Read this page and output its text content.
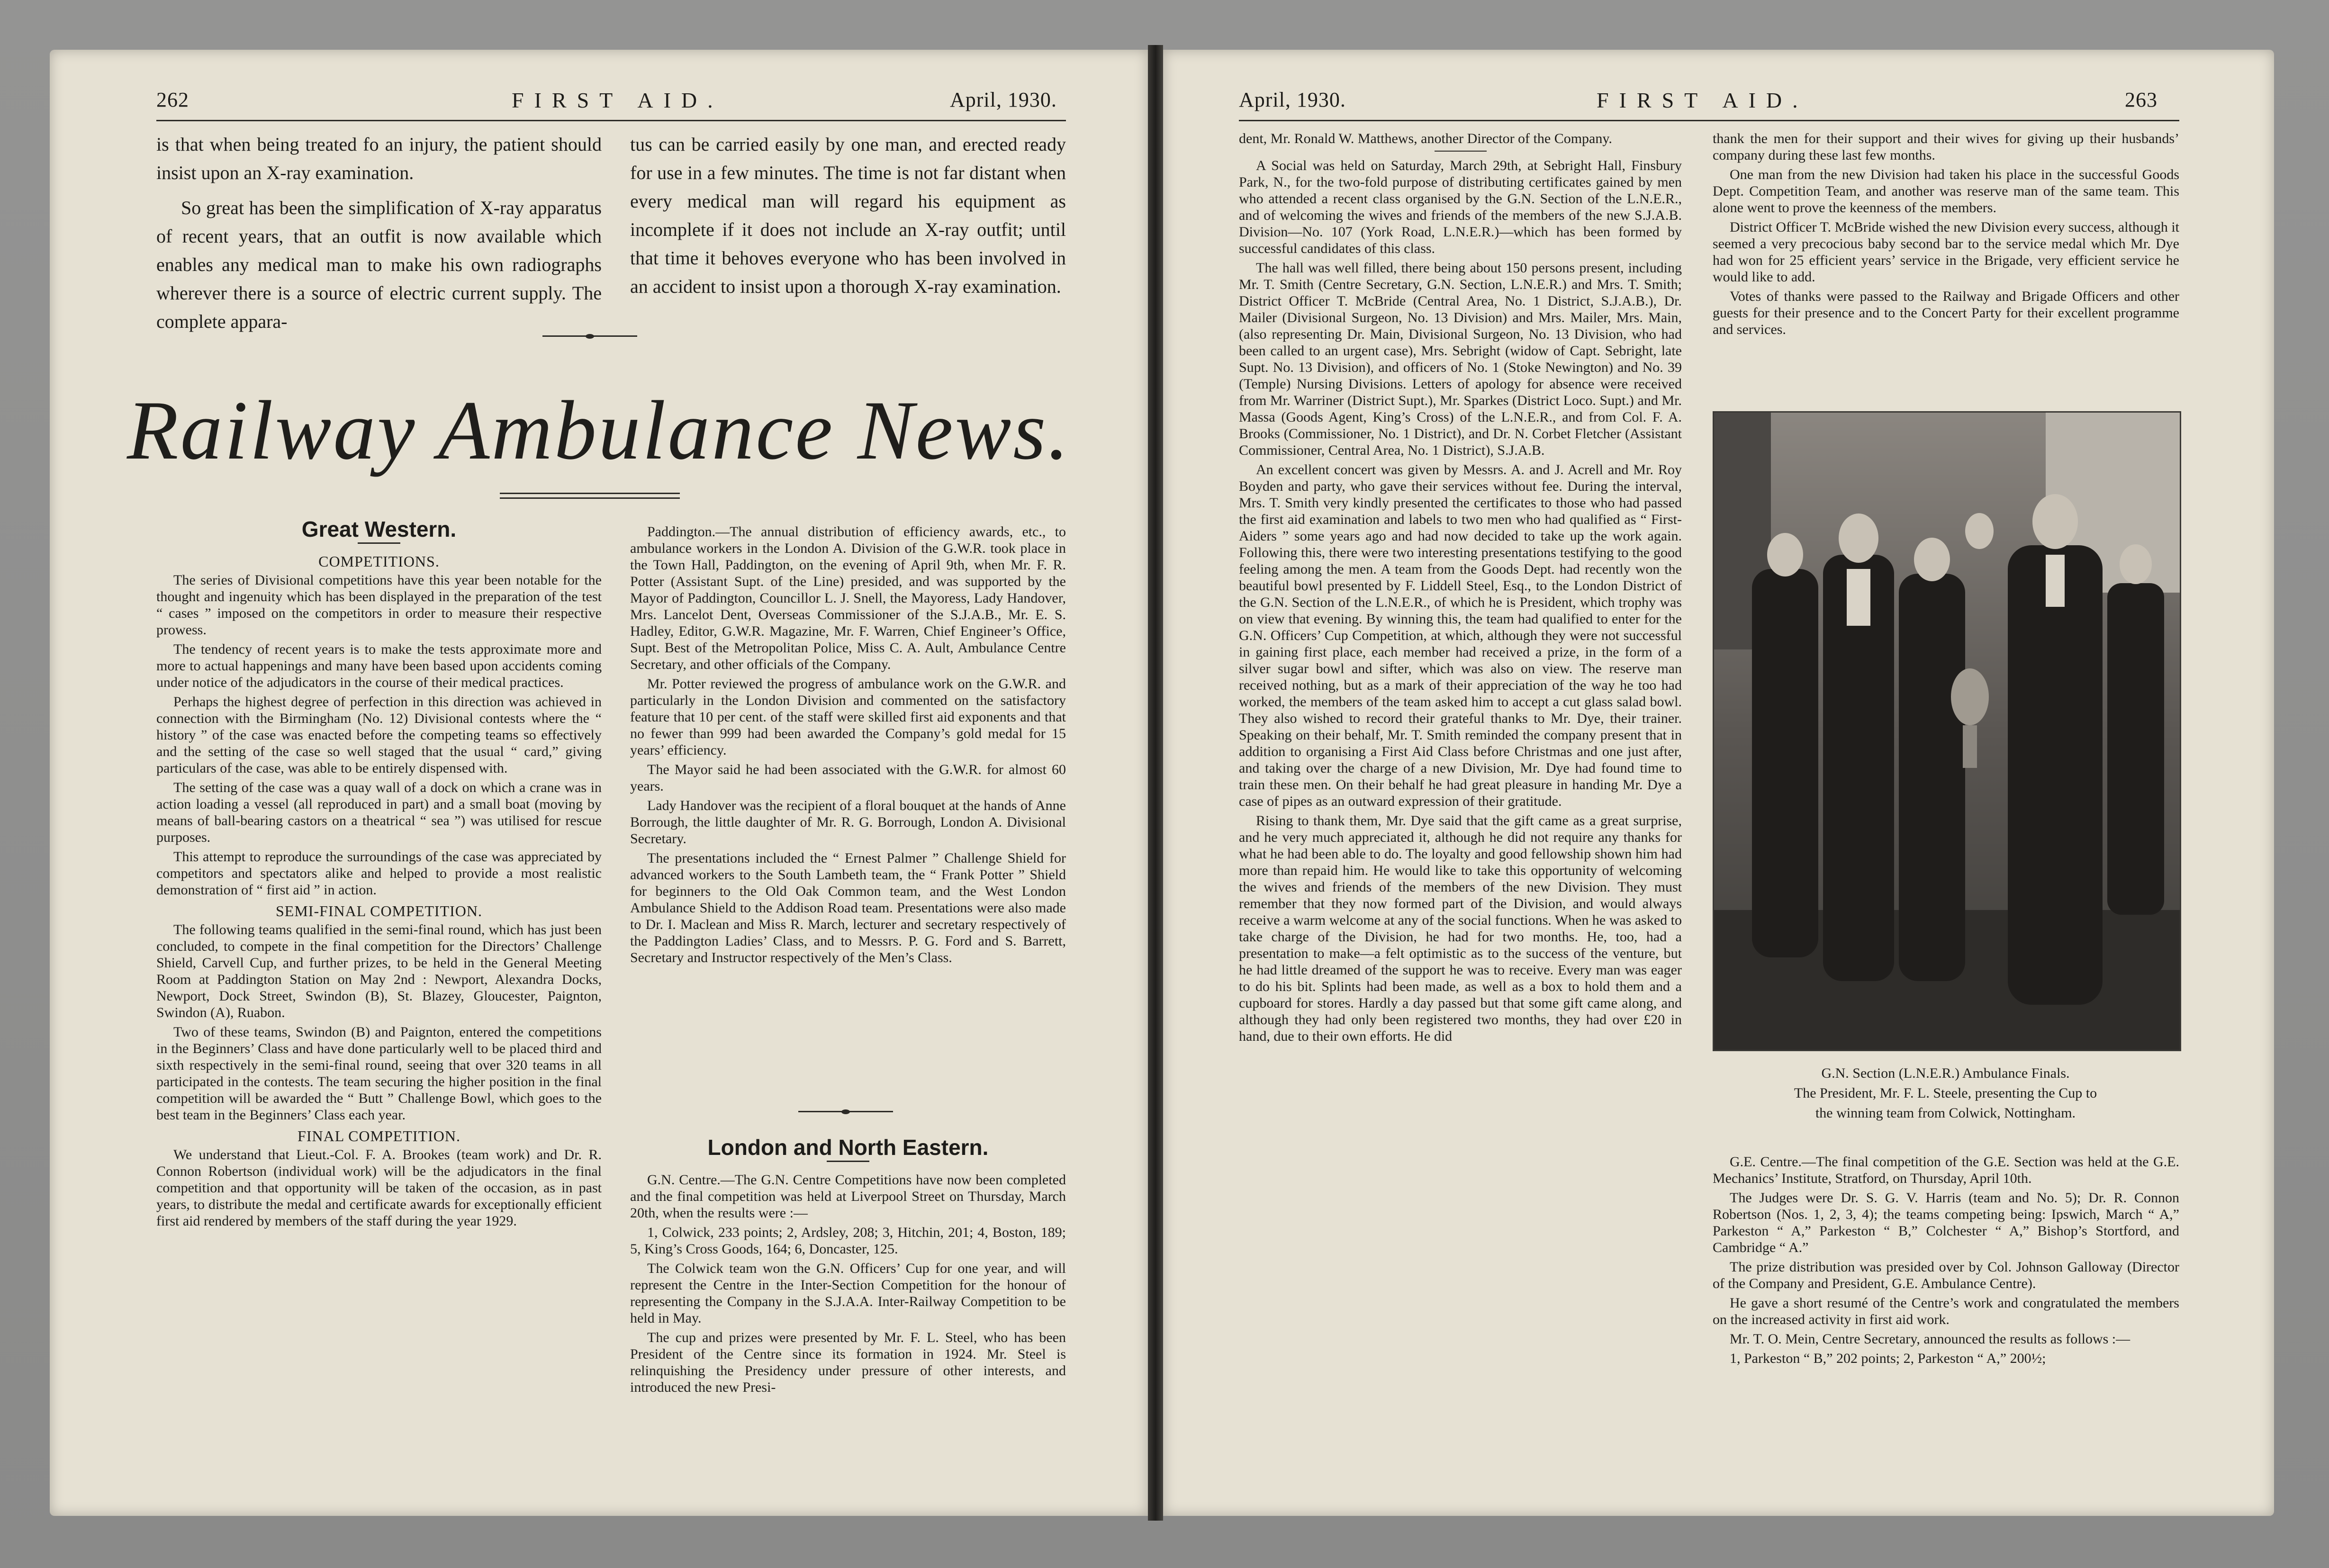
262	FIRST AID.	April, 1930.

is that when being treated fo an injury, the patient should insist upon an X-ray examination.

So great has been the simplification of X-ray apparatus of recent years, that an outfit is now available which enables any medical man to make his own radiographs wherever there is a source of electric current supply. The complete appara-

tus can be carried easily by one man, and erected ready for use in a few minutes. The time is not far distant when every medical man will regard his equipment as incomplete if it does not include an X-ray outfit; until that time it behoves everyone who has been involved in an accident to insist upon a thorough X-ray examination.

Railway Ambulance News.
Great Western.
COMPETITIONS.

The series of Divisional competitions have this year been notable for the thought and ingenuity which has been displayed in the preparation of the test “ cases ” imposed on the competitors in order to measure their respective prowess.

The tendency of recent years is to make the tests approximate more and more to actual happenings and many have been based upon accidents coming under notice of the adjudicators in the course of their medical practices.

Perhaps the highest degree of perfection in this direction was achieved in connection with the Birmingham (No. 12) Divisional contests where the “ history ” of the case was enacted before the competing teams so effectively and the setting of the case so well staged that the usual “ card,” giving particulars of the case, was able to be entirely dispensed with.

The setting of the case was a quay wall of a dock on which a crane was in action loading a vessel (all reproduced in part) and a small boat (moving by means of ball-bearing castors on a theatrical “ sea ”) was utilised for rescue purposes.

This attempt to reproduce the surroundings of the case was appreciated by competitors and spectators alike and helped to provide a most realistic demonstration of “ first aid ” in action.

SEMI-FINAL COMPETITION.

The following teams qualified in the semi-final round, which has just been concluded, to compete in the final competition for the Directors’ Challenge Shield, Carvell Cup, and further prizes, to be held in the General Meeting Room at Paddington Station on May 2nd : Newport, Alexandra Docks, Newport, Dock Street, Swindon (B), St. Blazey, Gloucester, Paignton, Swindon (A), Ruabon.

Two of these teams, Swindon (B) and Paignton, entered the competitions in the Beginners’ Class and have done particularly well to be placed third and sixth respectively in the semi-final round, seeing that over 320 teams in all participated in the contests. The team securing the higher position in the final competition will be awarded the “ Butt ” Challenge Bowl, which goes to the best team in the Beginners’ Class each year.

FINAL COMPETITION.

We understand that Lieut.-Col. F. A. Brookes (team work) and Dr. R. Connon Robertson (individual work) will be the adjudicators in the final competition and that opportunity will be taken of the occasion, as in past years, to distribute the medal and certificate awards for exceptionally efficient first aid rendered by members of the staff during the year 1929.

Paddington.—The annual distribution of efficiency awards, etc., to ambulance workers in the London A. Division of the G.W.R. took place in the Town Hall, Paddington, on the evening of April 9th, when Mr. F. R. Potter (Assistant Supt. of the Line) presided, and was supported by the Mayor of Paddington, Councillor L. J. Snell, the Mayoress, Lady Handover, Mrs. Lancelot Dent, Overseas Commissioner of the S.J.A.B., Mr. E. S. Hadley, Editor, G.W.R. Magazine, Mr. F. Warren, Chief Engineer’s Office, Supt. Best of the Metropolitan Police, Miss C. A. Ault, Ambulance Centre Secretary, and other officials of the Company.

Mr. Potter reviewed the progress of ambulance work on the G.W.R. and particularly in the London Division and commented on the satisfactory feature that 10 per cent. of the staff were skilled first aid exponents and that no fewer than 999 had been awarded the Company’s gold medal for 15 years’ efficiency.

The Mayor said he had been associated with the G.W.R. for almost 60 years.

Lady Handover was the recipient of a floral bouquet at the hands of Anne Borrough, the little daughter of Mr. R. G. Borrough, London A. Divisional Secretary.

The presentations included the “ Ernest Palmer ” Challenge Shield for advanced workers to the South Lambeth team, the “ Frank Potter ” Shield for beginners to the Old Oak Common team, and the West London Ambulance Shield to the Addison Road team. Presentations were also made to Dr. I. Maclean and Miss R. March, lecturer and secretary respectively of the Paddington Ladies’ Class, and to Messrs. P. G. Ford and S. Barrett, Secretary and Instructor respectively of the Men’s Class.

London and North Eastern.

G.N. Centre.—The G.N. Centre Competitions have now been completed and the final competition was held at Liverpool Street on Thursday, March 20th, when the results were :—

1, Colwick, 233 points; 2, Ardsley, 208; 3, Hitchin, 201; 4, Boston, 189; 5, King’s Cross Goods, 164; 6, Doncaster, 125.

The Colwick team won the G.N. Officers’ Cup for one year, and will represent the Centre in the Inter-Section Competition for the honour of representing the Company in the S.J.A.A. Inter-Railway Competition to be held in May.

The cup and prizes were presented by Mr. F. L. Steel, who has been President of the Centre since its formation in 1924. Mr. Steel is relinquishing the Presidency under pressure of other interests, and introduced the new Presi-

April, 1930.	FIRST AID.	263

dent, Mr. Ronald W. Matthews, another Director of the Company.

A Social was held on Saturday, March 29th, at Sebright Hall, Finsbury Park, N., for the two-fold purpose of distributing certificates gained by men who attended a recent class organised by the G.N. Section of the L.N.E.R., and of welcoming the wives and friends of the members of the new S.J.A.B. Division—No. 107 (York Road, L.N.E.R.)—which has been formed by successful candidates of this class.

The hall was well filled, there being about 150 persons present, including Mr. T. Smith (Centre Secretary, G.N. Section, L.N.E.R.) and Mrs. T. Smith; District Officer T. McBride (Central Area, No. 1 District, S.J.A.B.), Dr. Mailer (Divisional Surgeon, No. 13 Division) and Mrs. Mailer, Mrs. Main, (also representing Dr. Main, Divisional Surgeon, No. 13 Division, who had been called to an urgent case), Mrs. Sebright (widow of Capt. Sebright, late Supt. No. 13 Division), and officers of No. 1 (Stoke Newington) and No. 39 (Temple) Nursing Divisions. Letters of apology for absence were received from Mr. Warriner (District Supt.), Mr. Sparkes (District Loco. Supt.) and Mr. Massa (Goods Agent, King’s Cross) of the L.N.E.R., and from Col. F. A. Brooks (Commissioner, No. 1 District), and Dr. N. Corbet Fletcher (Assistant Commissioner, Central Area, No. 1 District), S.J.A.B.

An excellent concert was given by Messrs. A. and J. Acrell and Mr. Roy Boyden and party, who gave their services without fee. During the interval, Mrs. T. Smith very kindly presented the certificates to those who had passed the first aid examination and labels to two men who had qualified as “ First-Aiders ” some years ago and had now decided to take up the work again. Following this, there were two interesting presentations testifying to the good feeling among the men. A team from the Goods Dept. had recently won the beautiful bowl presented by F. Liddell Steel, Esq., to the London District of the G.N. Section of the L.N.E.R., of which he is President, which trophy was on view that evening. By winning this, the team had qualified to enter for the G.N. Officers’ Cup Competition, at which, although they were not successful in gaining first place, each member had received a prize, in the form of a silver sugar bowl and sifter, which was also on view. The reserve man received nothing, but as a mark of their appreciation of the way he too had worked, the members of the team asked him to accept a cut glass salad bowl. They also wished to record their grateful thanks to Mr. Dye, their trainer. Speaking on their behalf, Mr. T. Smith reminded the company present that in addition to organising a First Aid Class before Christmas and one just after, and taking over the charge of a new Division, Mr. Dye had found time to train these men. On their behalf he had great pleasure in handing Mr. Dye a case of pipes as an outward expression of their gratitude.

Rising to thank them, Mr. Dye said that the gift came as a great surprise, and he very much appreciated it, although he did not require any thanks for what he had been able to do. The loyalty and good fellowship shown him had more than repaid him. He would like to take this opportunity of welcoming the wives and friends of the members of the new Division. They must remember that they now formed part of the Division, and would always receive a warm welcome at any of the social functions. When he was asked to take charge of the Division, he had for two months. He, too, had a presentation to make—a felt optimistic as to the success of the venture, but he had little dreamed of the support he was to receive. Every man was eager to do his bit. Splints had been made, as well as a box to hold them and a cupboard for stores. Hardly a day passed but that some gift came along, and although they had only been registered two months, they had over £20 in hand, due to their own efforts. He did

thank the men for their support and their wives for giving up their husbands’ company during these last few months.

One man from the new Division had taken his place in the successful Goods Dept. Competition Team, and another was reserve man of the same team. This alone went to prove the keenness of the members.

District Officer T. McBride wished the new Division every success, although it seemed a very precocious baby second bar to the service medal which Mr. Dye had won for 25 efficient years’ service in the Brigade, very efficient service he would like to add.

Votes of thanks were passed to the Railway and Brigade Officers and other guests for their presence and to the Concert Party for their excellent programme and services.

G.N. Section (L.N.E.R.) Ambulance Finals.
The President, Mr. F. L. Steele, presenting the Cup to
the winning team from Colwick, Nottingham.

G.E. Centre.—The final competition of the G.E. Section was held at the G.E. Mechanics’ Institute, Stratford, on Thursday, April 10th.

The Judges were Dr. S. G. V. Harris (team and No. 5); Dr. R. Connon Robertson (Nos. 1, 2, 3, 4); the teams competing being: Ipswich, March “ A,” Parkeston “ A,” Parkeston “ B,” Colchester “ A,” Bishop’s Stortford, and Cambridge “ A.”

The prize distribution was presided over by Col. Johnson Galloway (Director of the Company and President, G.E. Ambulance Centre).

He gave a short resumé of the Centre’s work and congratulated the members on the increased activity in first aid work.

Mr. T. O. Mein, Centre Secretary, announced the results as follows :—

1, Parkeston “ B,” 202 points; 2, Parkeston “ A,” 200½;
